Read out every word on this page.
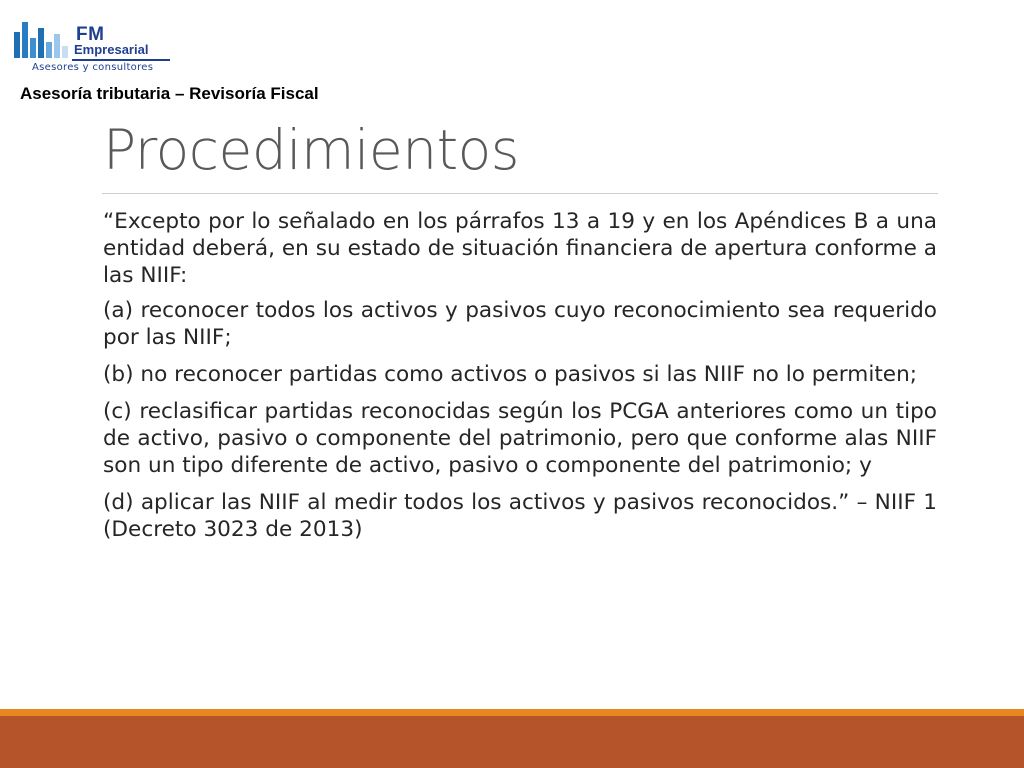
FM
Empresarial
Asesores y consultores
Asesoría tributaria – Revisoría Fiscal
Procedimientos

“Excepto por lo señalado en los párrafos 13 a 19 y en los Apéndices B a una entidad deberá, en su estado de situación financiera de apertura conforme a las NIIF:

(a) reconocer todos los activos y pasivos cuyo reconocimiento sea requerido por las NIIF;

(b) no reconocer partidas como activos o pasivos si las NIIF no lo permiten;

(c) reclasificar partidas reconocidas según los PCGA anteriores como un tipo de activo, pasivo o componente del patrimonio, pero que conforme alas NIIF son un tipo diferente de activo, pasivo o componente del patrimonio; y

(d) aplicar las NIIF al medir todos los activos y pasivos reconocidos.” – NIIF 1 (Decreto 3023 de 2013)
